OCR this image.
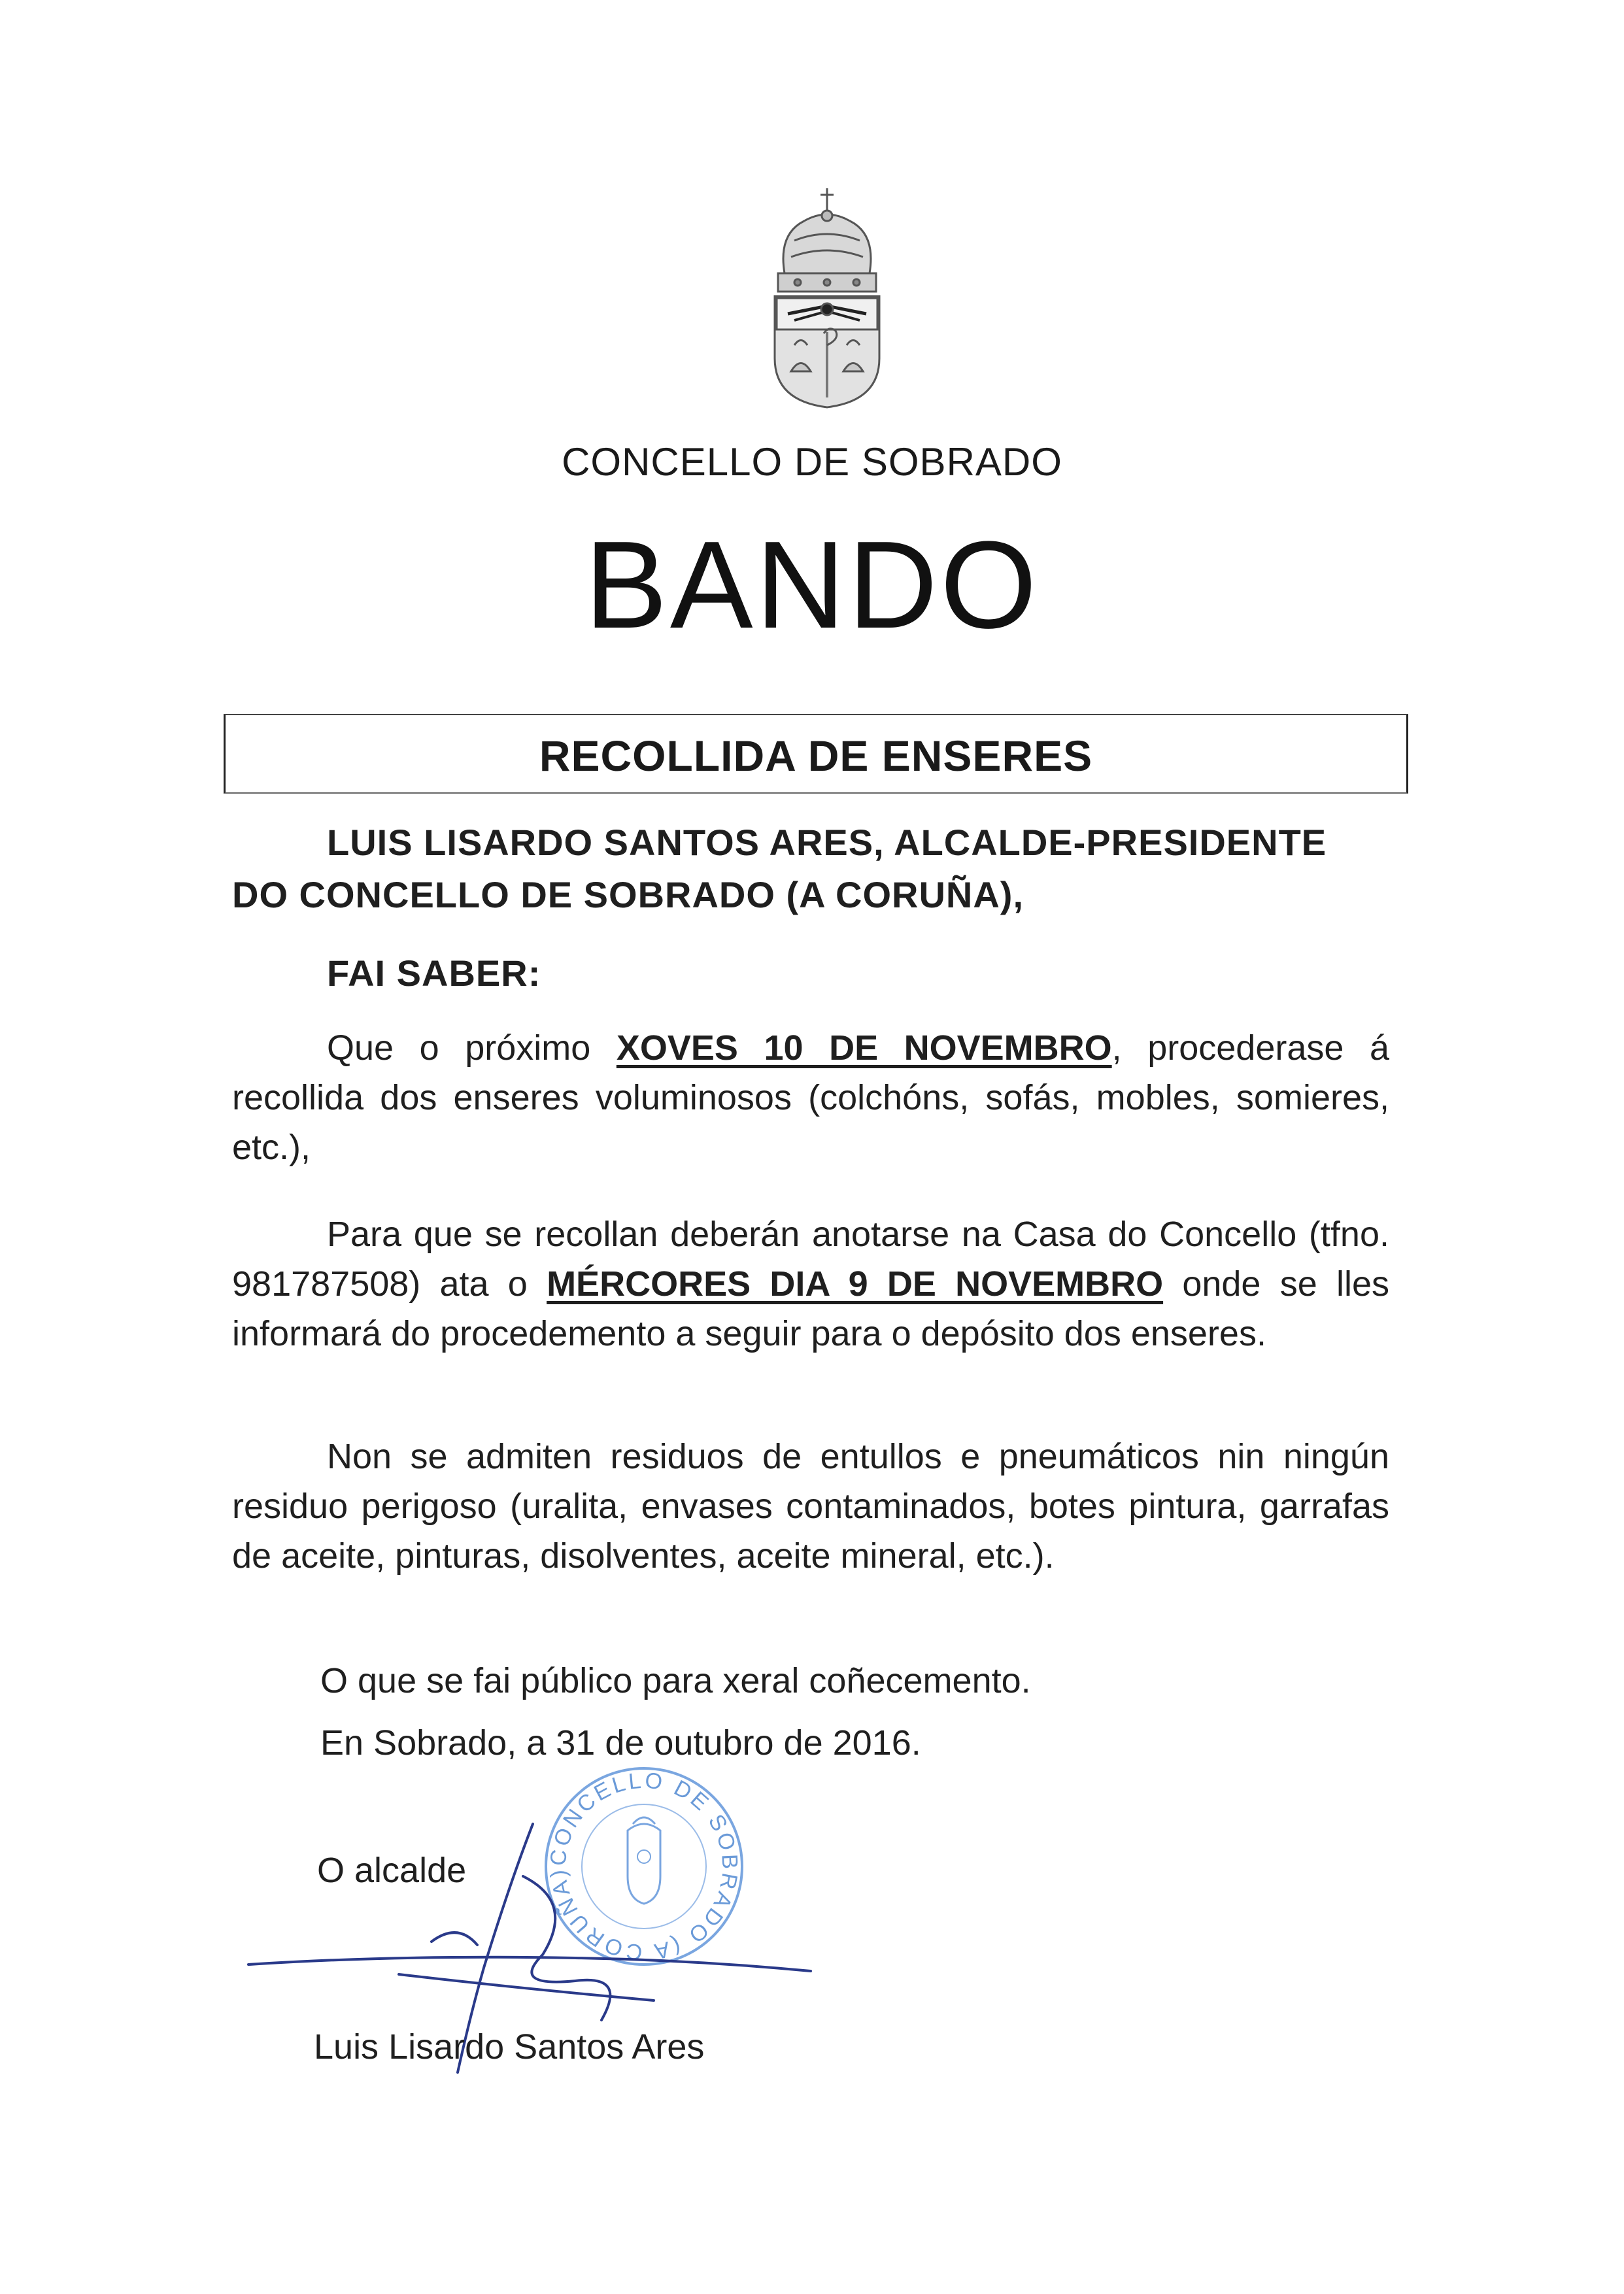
CONCELLO DE SOBRADO
BANDO
RECOLLIDA DE ENSERES
LUIS LISARDO SANTOS ARES, ALCALDE-PRESIDENTE
DO CONCELLO DE SOBRADO (A CORUÑA),
FAI SABER:
Que o próximo XOVES 10 DE NOVEMBRO, procederase á recollida dos enseres voluminosos (colchóns, sofás, mobles, somieres, etc.),
Para que se recollan deberán anotarse na Casa do Concello (tfno. 981787508) ata o MÉRCORES DIA 9 DE NOVEMBRO onde se lles informará do procedemento a seguir para o depósito dos enseres.
Non se admiten residuos de entullos e pneumáticos nin ningún residuo perigoso (uralita, envases contaminados, botes pintura, garrafas de aceite, pinturas, disolventes, aceite mineral, etc.).
O que se fai público para xeral coñecemento.
En Sobrado, a 31 de outubro de 2016.
CONCELLO DE SOBRADO (A CORUÑA)
O alcalde
Luis Lisardo Santos Ares
